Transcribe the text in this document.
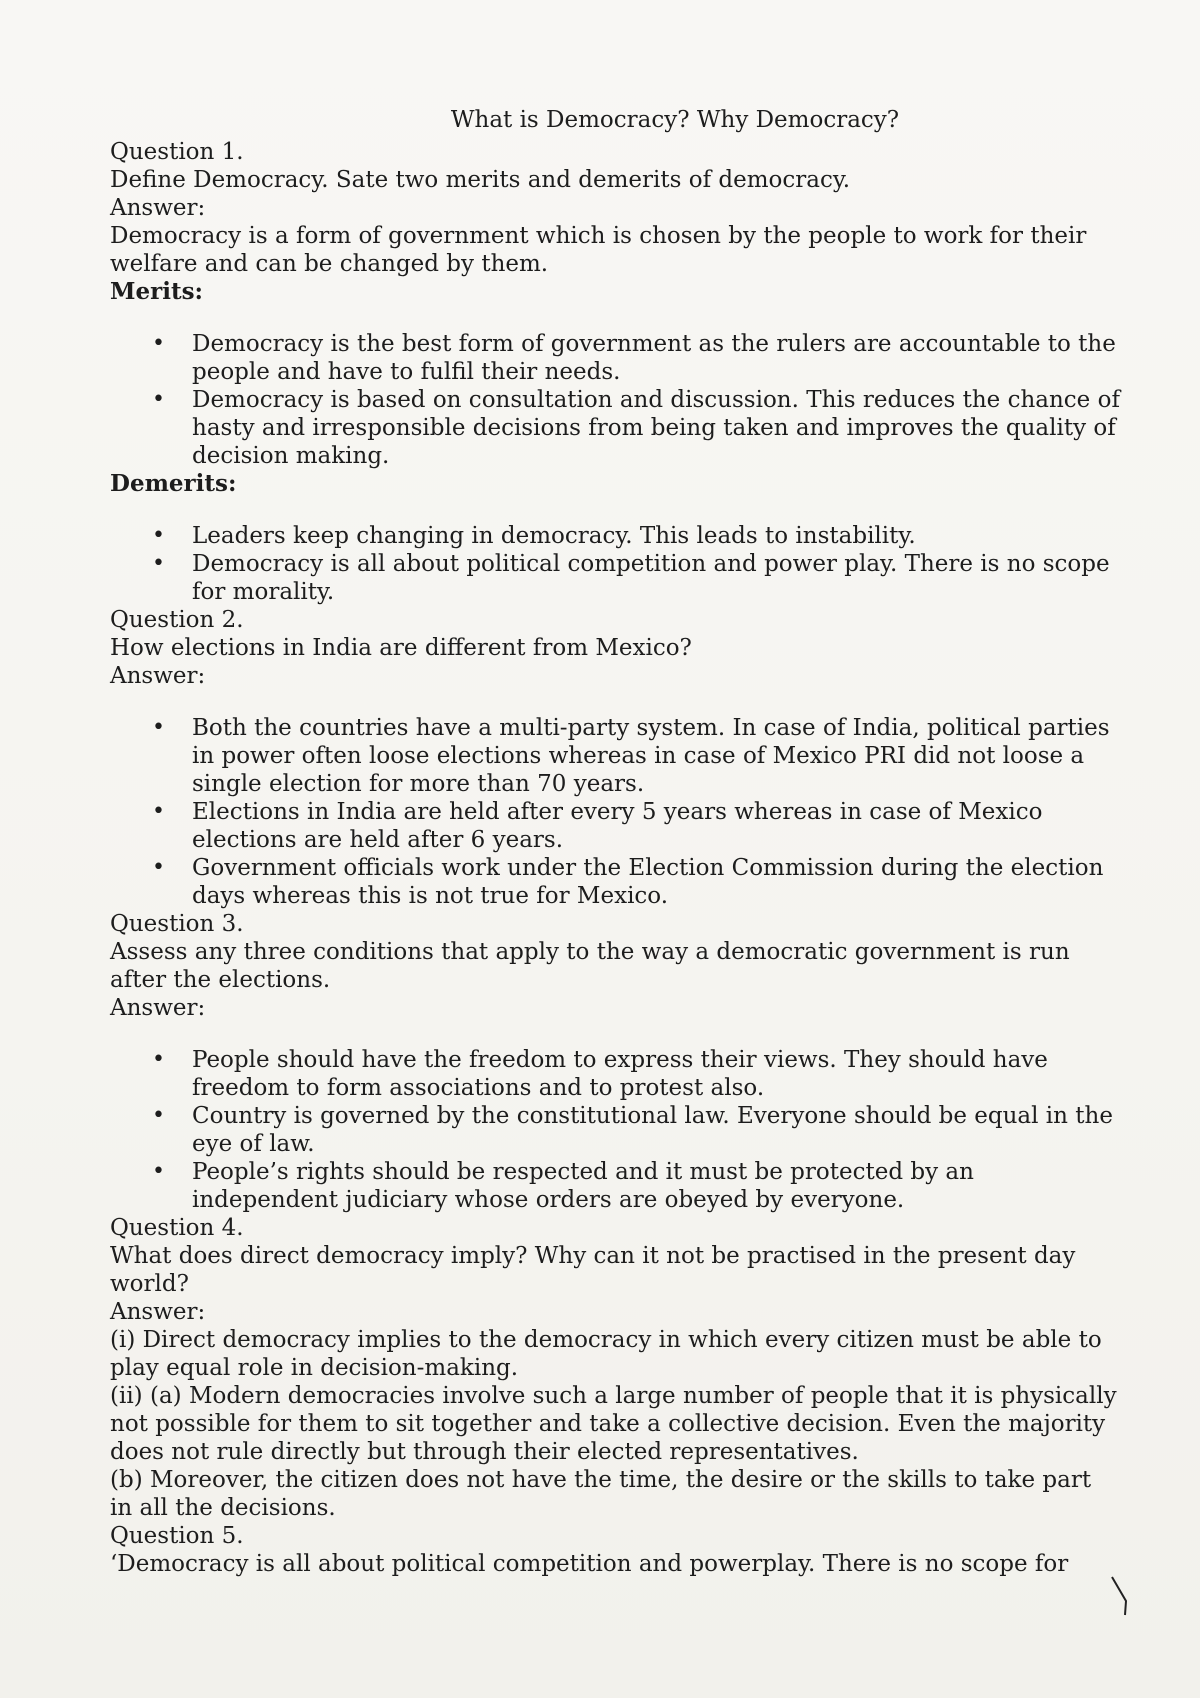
What is Democracy? Why Democracy?

Question 1.

Define Democracy. Sate two merits and demerits of democracy.

Answer:

Democracy is a form of government which is chosen by the people to work for their welfare and can be changed by them.

Merits:

• Democracy is the best form of government as the rulers are accountable to the people and have to fulfil their needs.
• Democracy is based on consultation and discussion. This reduces the chance of hasty and irresponsible decisions from being taken and improves the quality of decision making.

Demerits:

• Leaders keep changing in democracy. This leads to instability.
• Democracy is all about political competition and power play. There is no scope for morality.

Question 2.

How elections in India are different from Mexico?

Answer:

• Both the countries have a multi-party system. In case of India, political parties in power often loose elections whereas in case of Mexico PRI did not loose a single election for more than 70 years.
• Elections in India are held after every 5 years whereas in case of Mexico elections are held after 6 years.
• Government officials work under the Election Commission during the election days whereas this is not true for Mexico.

Question 3.

Assess any three conditions that apply to the way a democratic government is run after the elections.

Answer:

• People should have the freedom to express their views. They should have freedom to form associations and to protest also.
• Country is governed by the constitutional law. Everyone should be equal in the eye of law.
• People’s rights should be respected and it must be protected by an independent judiciary whose orders are obeyed by everyone.

Question 4.

What does direct democracy imply? Why can it not be practised in the present day world?

Answer:

(i) Direct democracy implies to the democracy in which every citizen must be able to play equal role in decision-making.

(ii) (a) Modern democracies involve such a large number of people that it is physically not possible for them to sit together and take a collective decision. Even the majority does not rule directly but through their elected representatives.

(b) Moreover, the citizen does not have the time, the desire or the skills to take part in all the decisions.

Question 5.

‘Democracy is all about political competition and powerplay. There is no scope for
